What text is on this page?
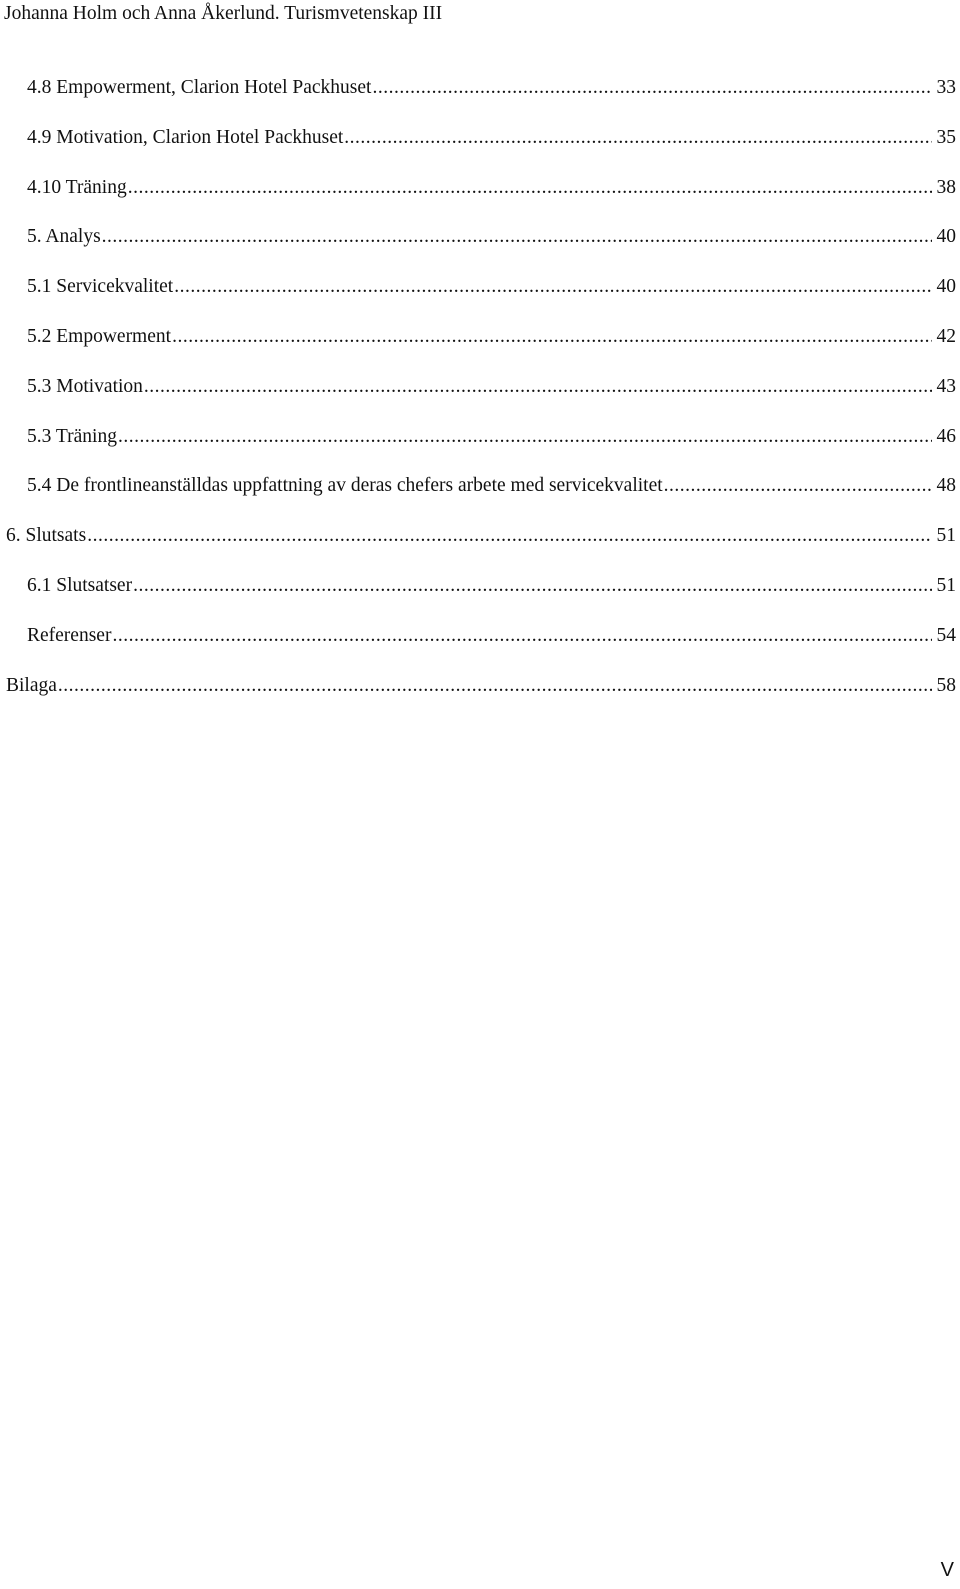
Johanna Holm och Anna Åkerlund. Turismvetenskap III
4.8 Empowerment, Clarion Hotel Packhuset .....	33
4.9 Motivation, Clarion Hotel Packhuset .....	35
4.10 Träning .....	38
5. Analys .....	40
5.1 Servicekvalitet .....	40
5.2 Empowerment .....	42
5.3 Motivation .....	43
5.3 Träning .....	46
5.4 De frontlineanställdas uppfattning av deras chefers arbete med servicekvalitet .....	48
6. Slutsats .....	51
6.1 Slutsatser .....	51
Referenser .....	54
Bilaga .....	58
V
